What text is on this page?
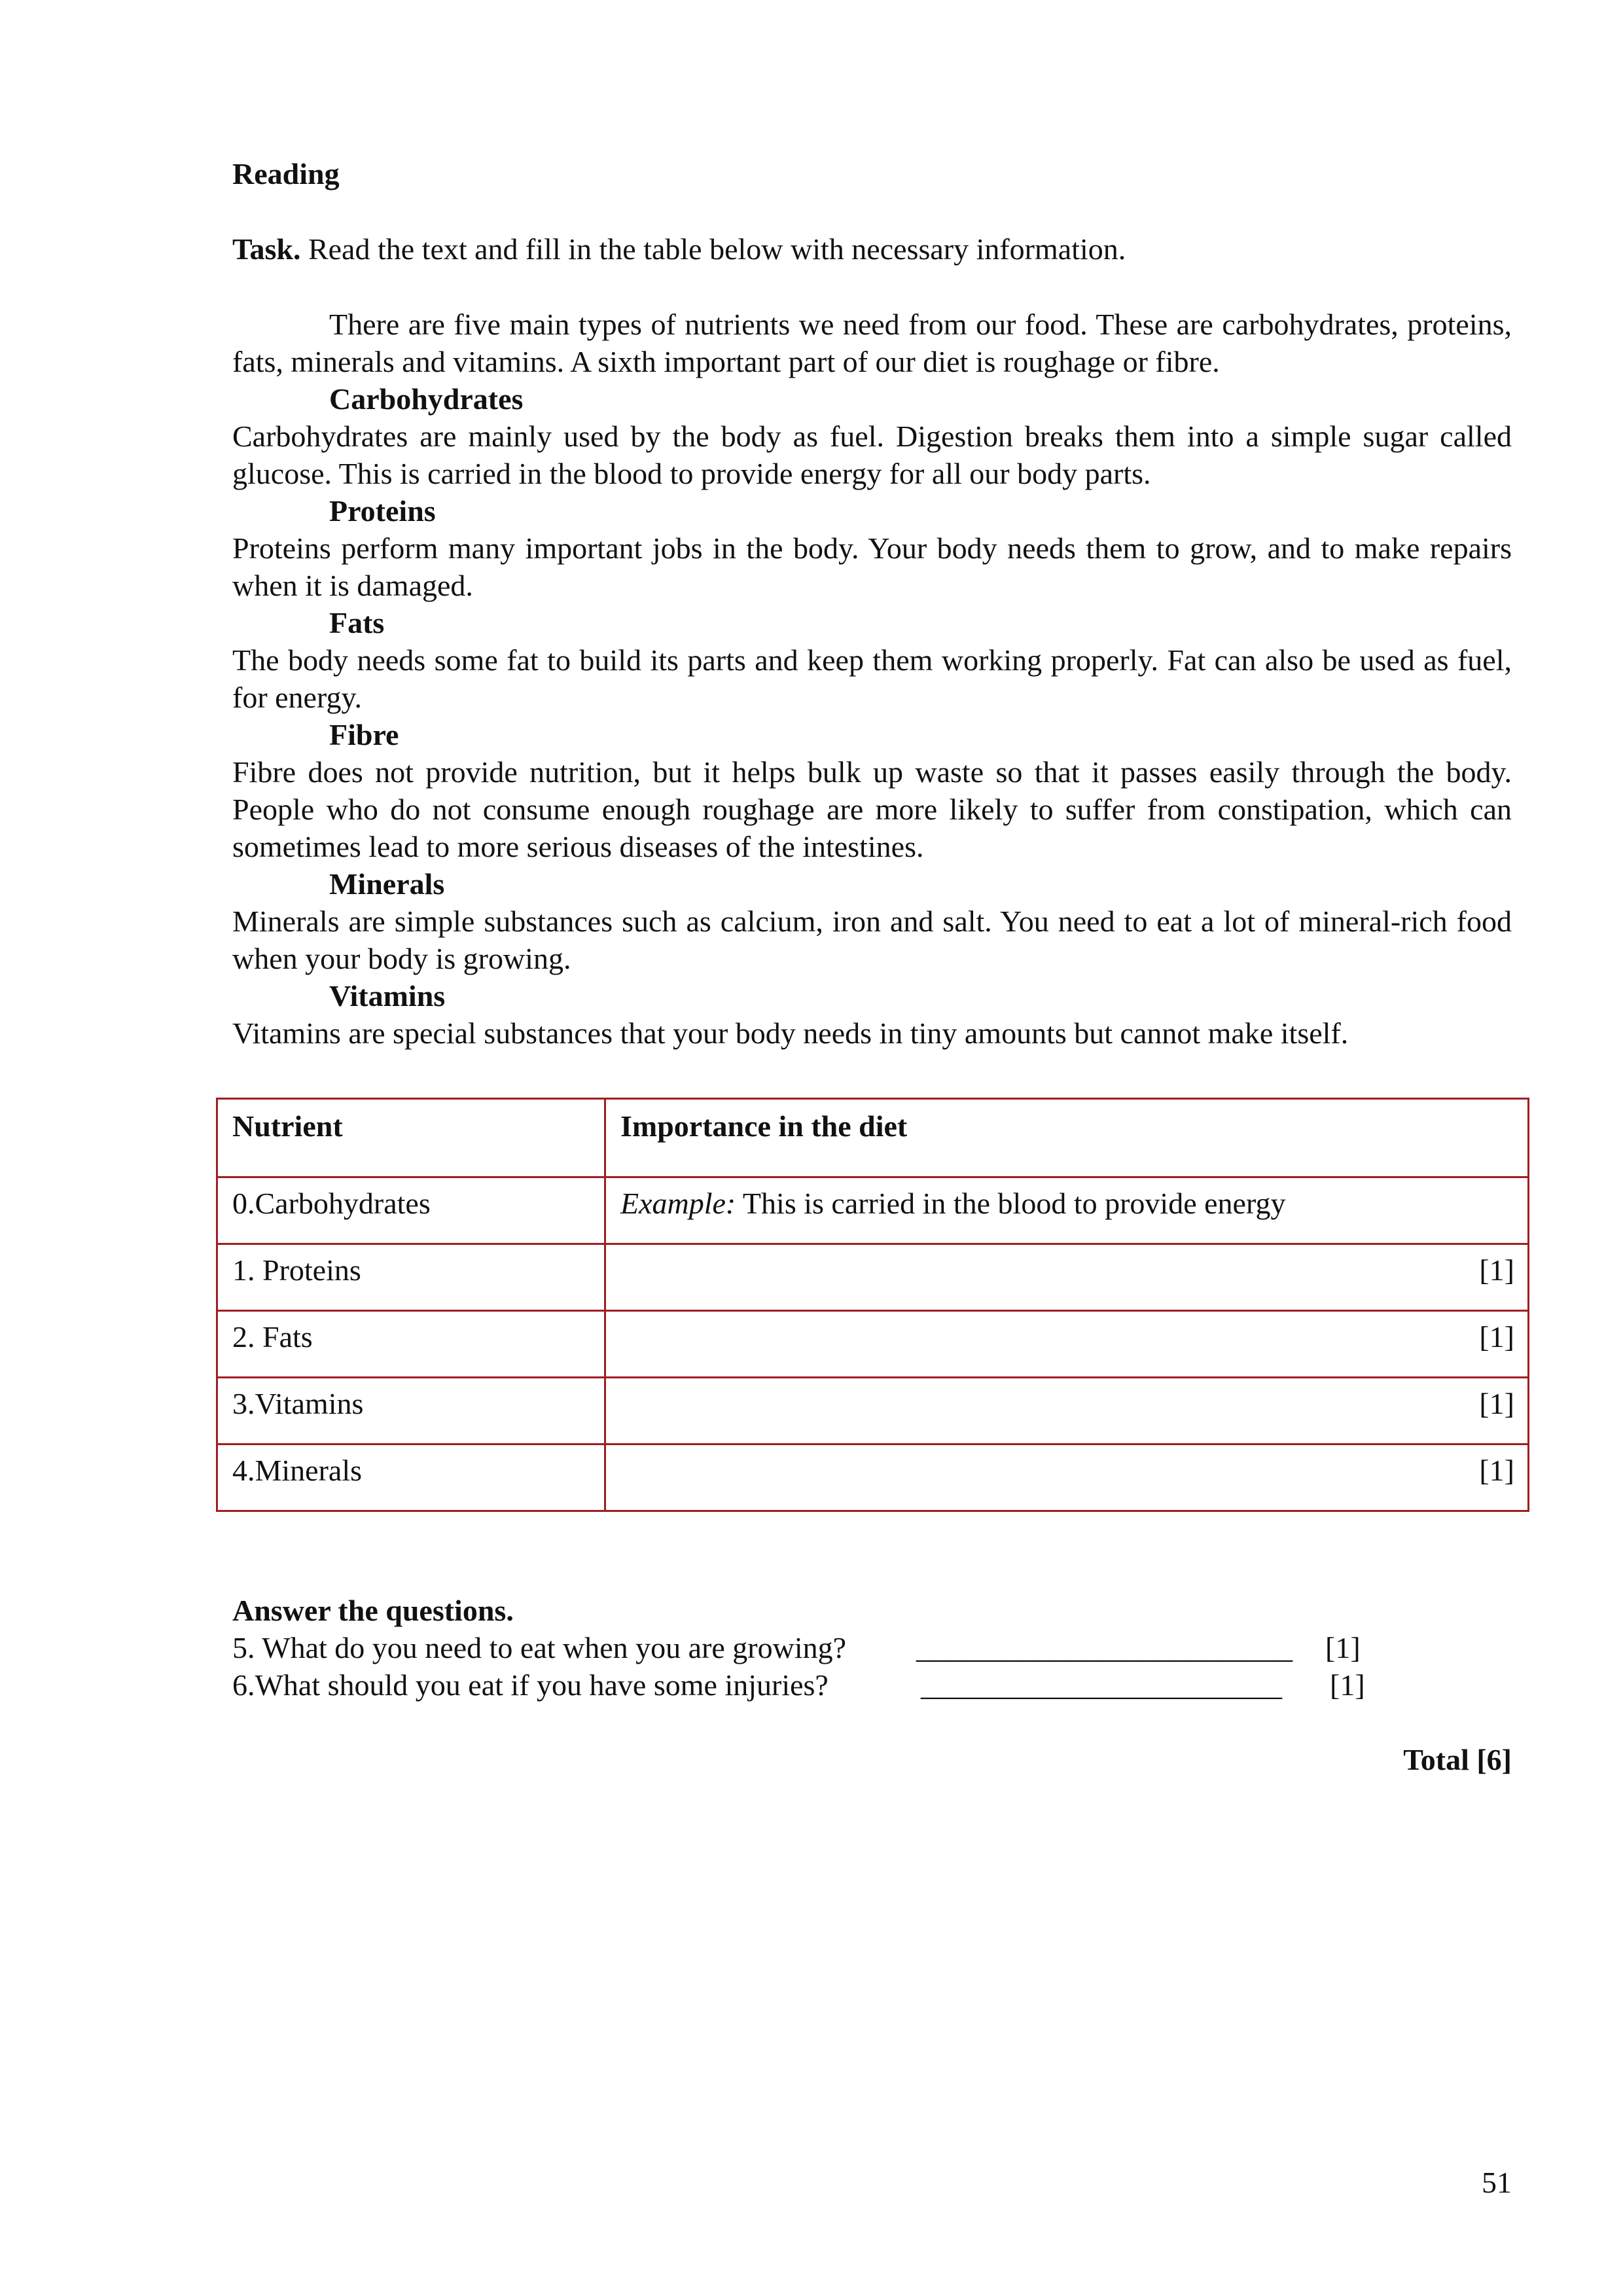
Reading
Task. Read the text and fill in the table below with necessary information.

There are five main types of nutrients we need from our food. These are carbohydrates, proteins, fats, minerals and vitamins. A sixth important part of our diet is roughage or fibre.

Carbohydrates

Carbohydrates are mainly used by the body as fuel. Digestion breaks them into a simple sugar called glucose. This is carried in the blood to provide energy for all our body parts.

Proteins

Proteins perform many important jobs in the body. Your body needs them to grow, and to make repairs when it is damaged.

Fats

The body needs some fat to build its parts and keep them working properly. Fat can also be used as fuel, for energy.

Fibre

Fibre does not provide nutrition, but it helps bulk up waste so that it passes easily through the body. People who do not consume enough roughage are more likely to suffer from constipation, which can sometimes lead to more serious diseases of the intestines.

Minerals

Minerals are simple substances such as calcium, iron and salt. You need to eat a lot of mineral-rich food when your body is growing.

Vitamins

Vitamins are special substances that your body needs in tiny amounts but cannot make itself.

Nutrient	Importance in the diet
0.Carbohydrates	Example: This is carried in the blood to provide energy
1. Proteins	[1]

2. Fats	[1]

3.Vitamins	[1]

4.Minerals	[1]
Answer the questions.
5. What do you need to eat when you are growing? _________________________ [1]
6.What should you eat if you have some injuries?	________________________ [1]
Total [6]
51
